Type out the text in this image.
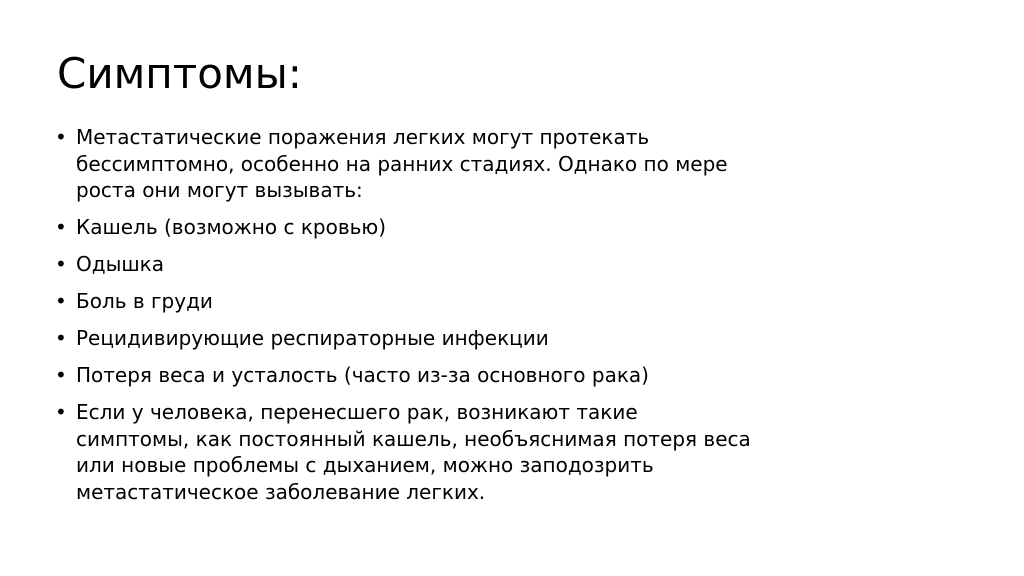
Симптомы:
• Метастатические поражения легких могут протекать бессимптомно, особенно на ранних стадиях. Однако по мере роста они могут вызывать:
• Кашель (возможно с кровью)
• Одышка
• Боль в груди
• Рецидивирующие респираторные инфекции
• Потеря веса и усталость (часто из-за основного рака)
• Если у человека, перенесшего рак, возникают такие симптомы, как постоянный кашель, необъяснимая потеря веса или новые проблемы с дыханием, можно заподозрить метастатическое заболевание легких.
